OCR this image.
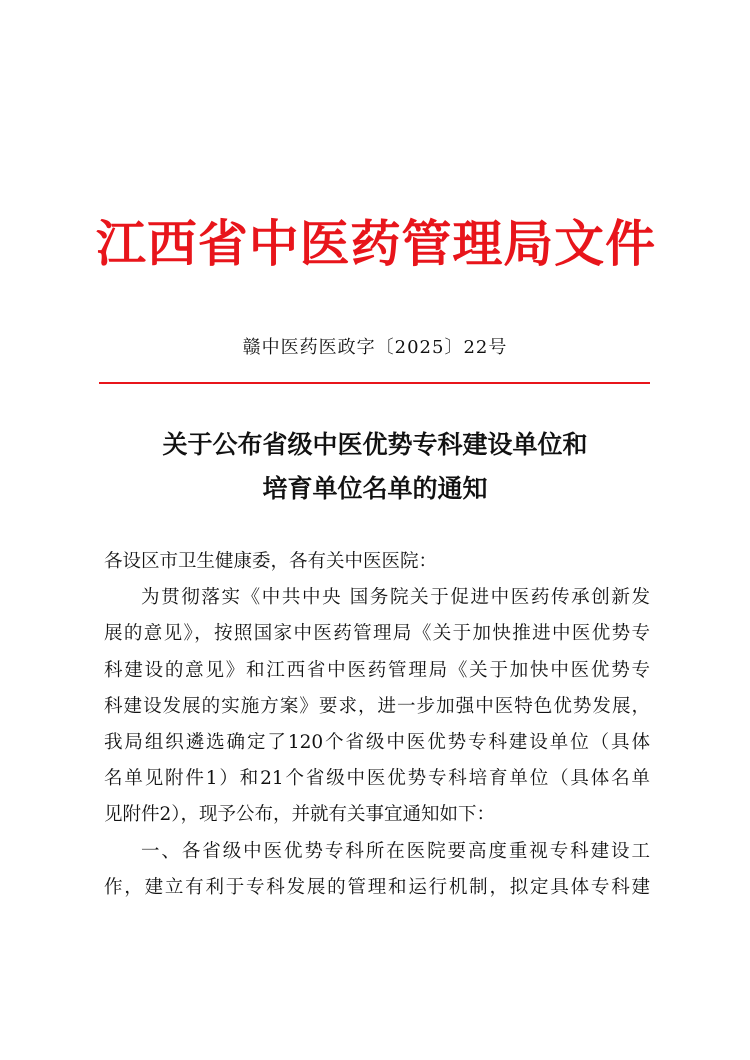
江西省中医药管理局文件
赣中医药医政字〔2025〕22号
关于公布省级中医优势专科建设单位和
培育单位名单的通知
各设区市卫生健康委，各有关中医医院：
为贯彻落实《中共中央 国务院关于促进中医药传承创新发
展的意见》，按照国家中医药管理局《关于加快推进中医优势专
科建设的意见》和江西省中医药管理局《关于加快中医优势专
科建设发展的实施方案》要求，进一步加强中医特色优势发展，
我局组织遴选确定了120个省级中医优势专科建设单位（具体
名单见附件1）和21个省级中医优势专科培育单位（具体名单
见附件2），现予公布，并就有关事宜通知如下：
一、各省级中医优势专科所在医院要高度重视专科建设工
作，建立有利于专科发展的管理和运行机制，拟定具体专科建
